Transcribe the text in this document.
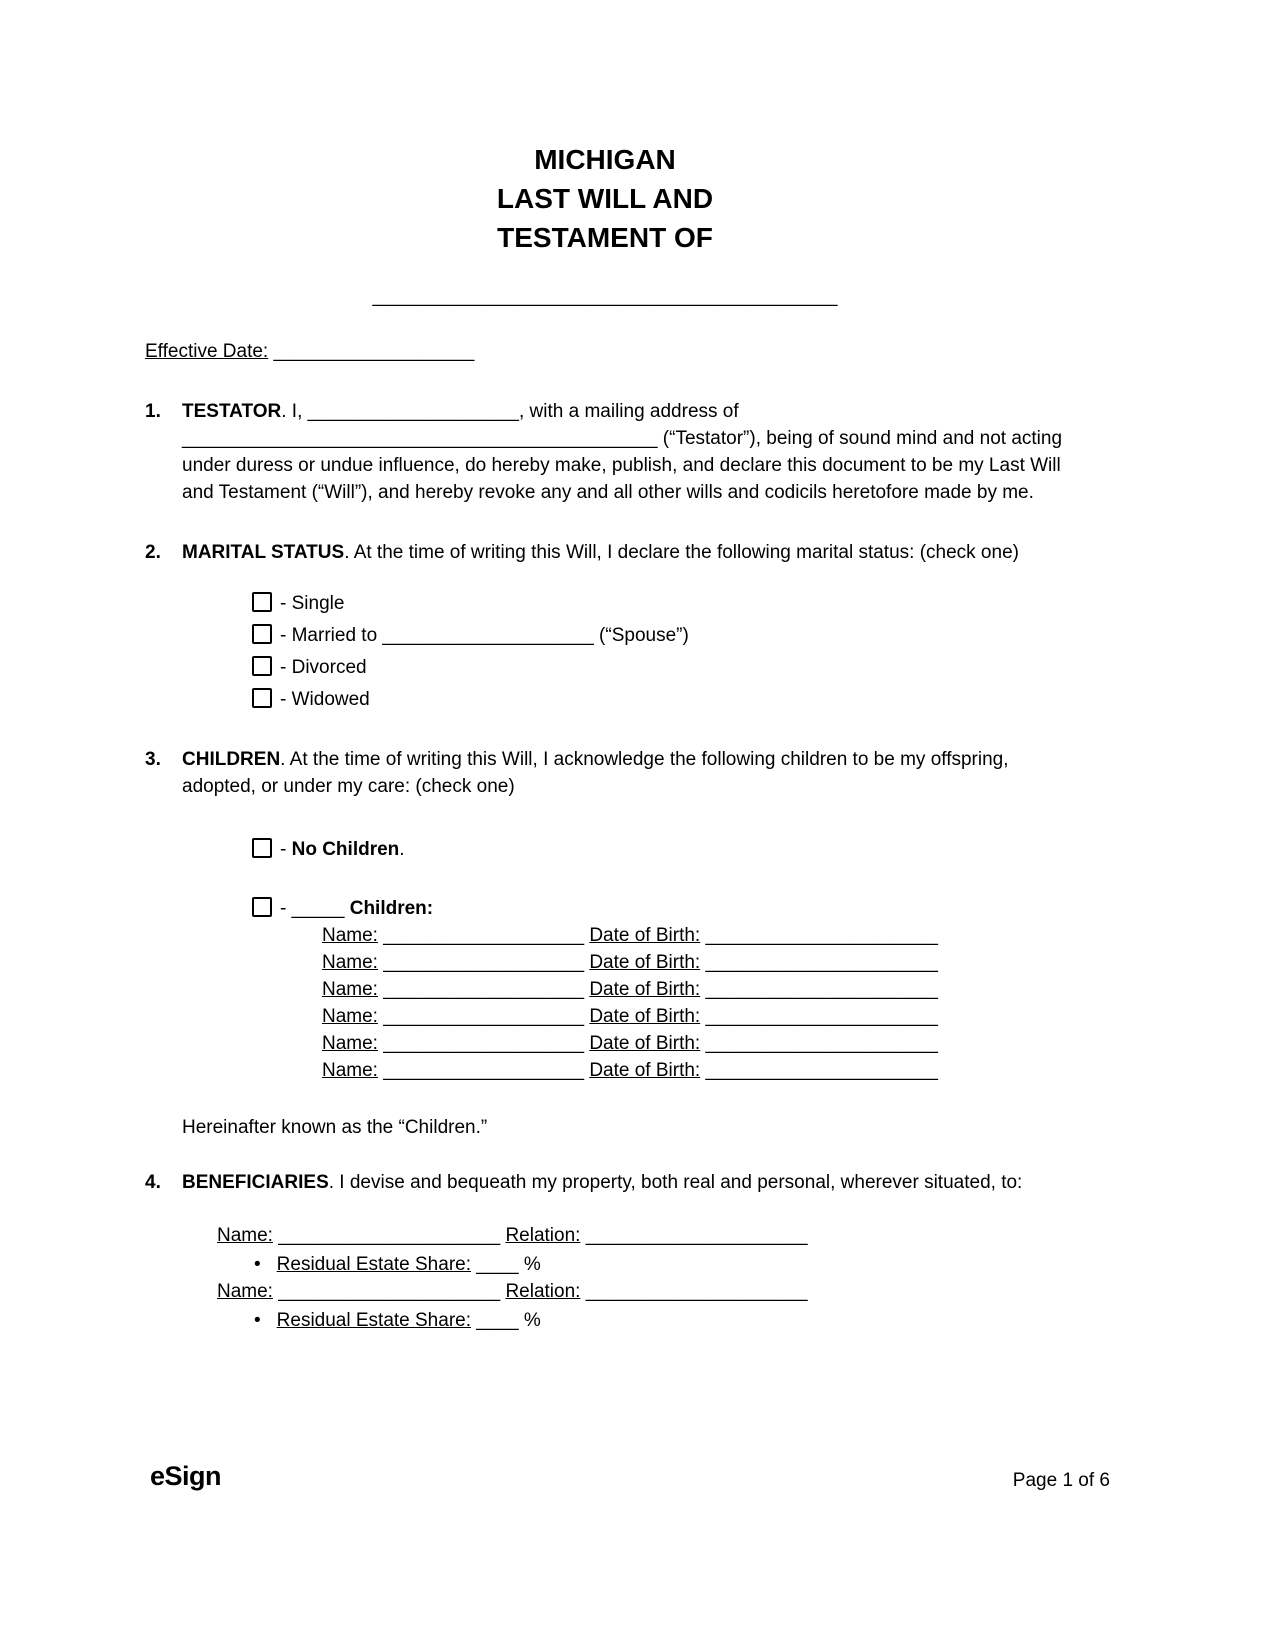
MICHIGAN
LAST WILL AND
TESTAMENT OF
____________________________________________
Effective Date: ___________________
1.	TESTATOR. I, ____________________, with a mailing address of _____________________________________________ (“Testator”), being of sound mind and not acting under duress or undue influence, do hereby make, publish, and declare this document to be my Last Will and Testament (“Will”), and hereby revoke any and all other wills and codicils heretofore made by me.
2.	MARITAL STATUS. At the time of writing this Will, I declare the following marital status: (check one)
- Single
- Married to ____________________ (“Spouse”)
- Divorced
- Widowed
3.	CHILDREN. At the time of writing this Will, I acknowledge the following children to be my offspring, adopted, or under my care: (check one)
- No Children.
- _____ Children:
Name: ___________________ Date of Birth: ______________________
Name: ___________________ Date of Birth: ______________________
Name: ___________________ Date of Birth: ______________________
Name: ___________________ Date of Birth: ______________________
Name: ___________________ Date of Birth: ______________________
Name: ___________________ Date of Birth: ______________________
Hereinafter known as the “Children.”
4.	BENEFICIARIES. I devise and bequeath my property, both real and personal, wherever situated, to:
Name: _____________________ Relation: _____________________
• Residual Estate Share: ____ %
Name: _____________________ Relation: _____________________
• Residual Estate Share: ____ %
eSign	Page 1 of 6
